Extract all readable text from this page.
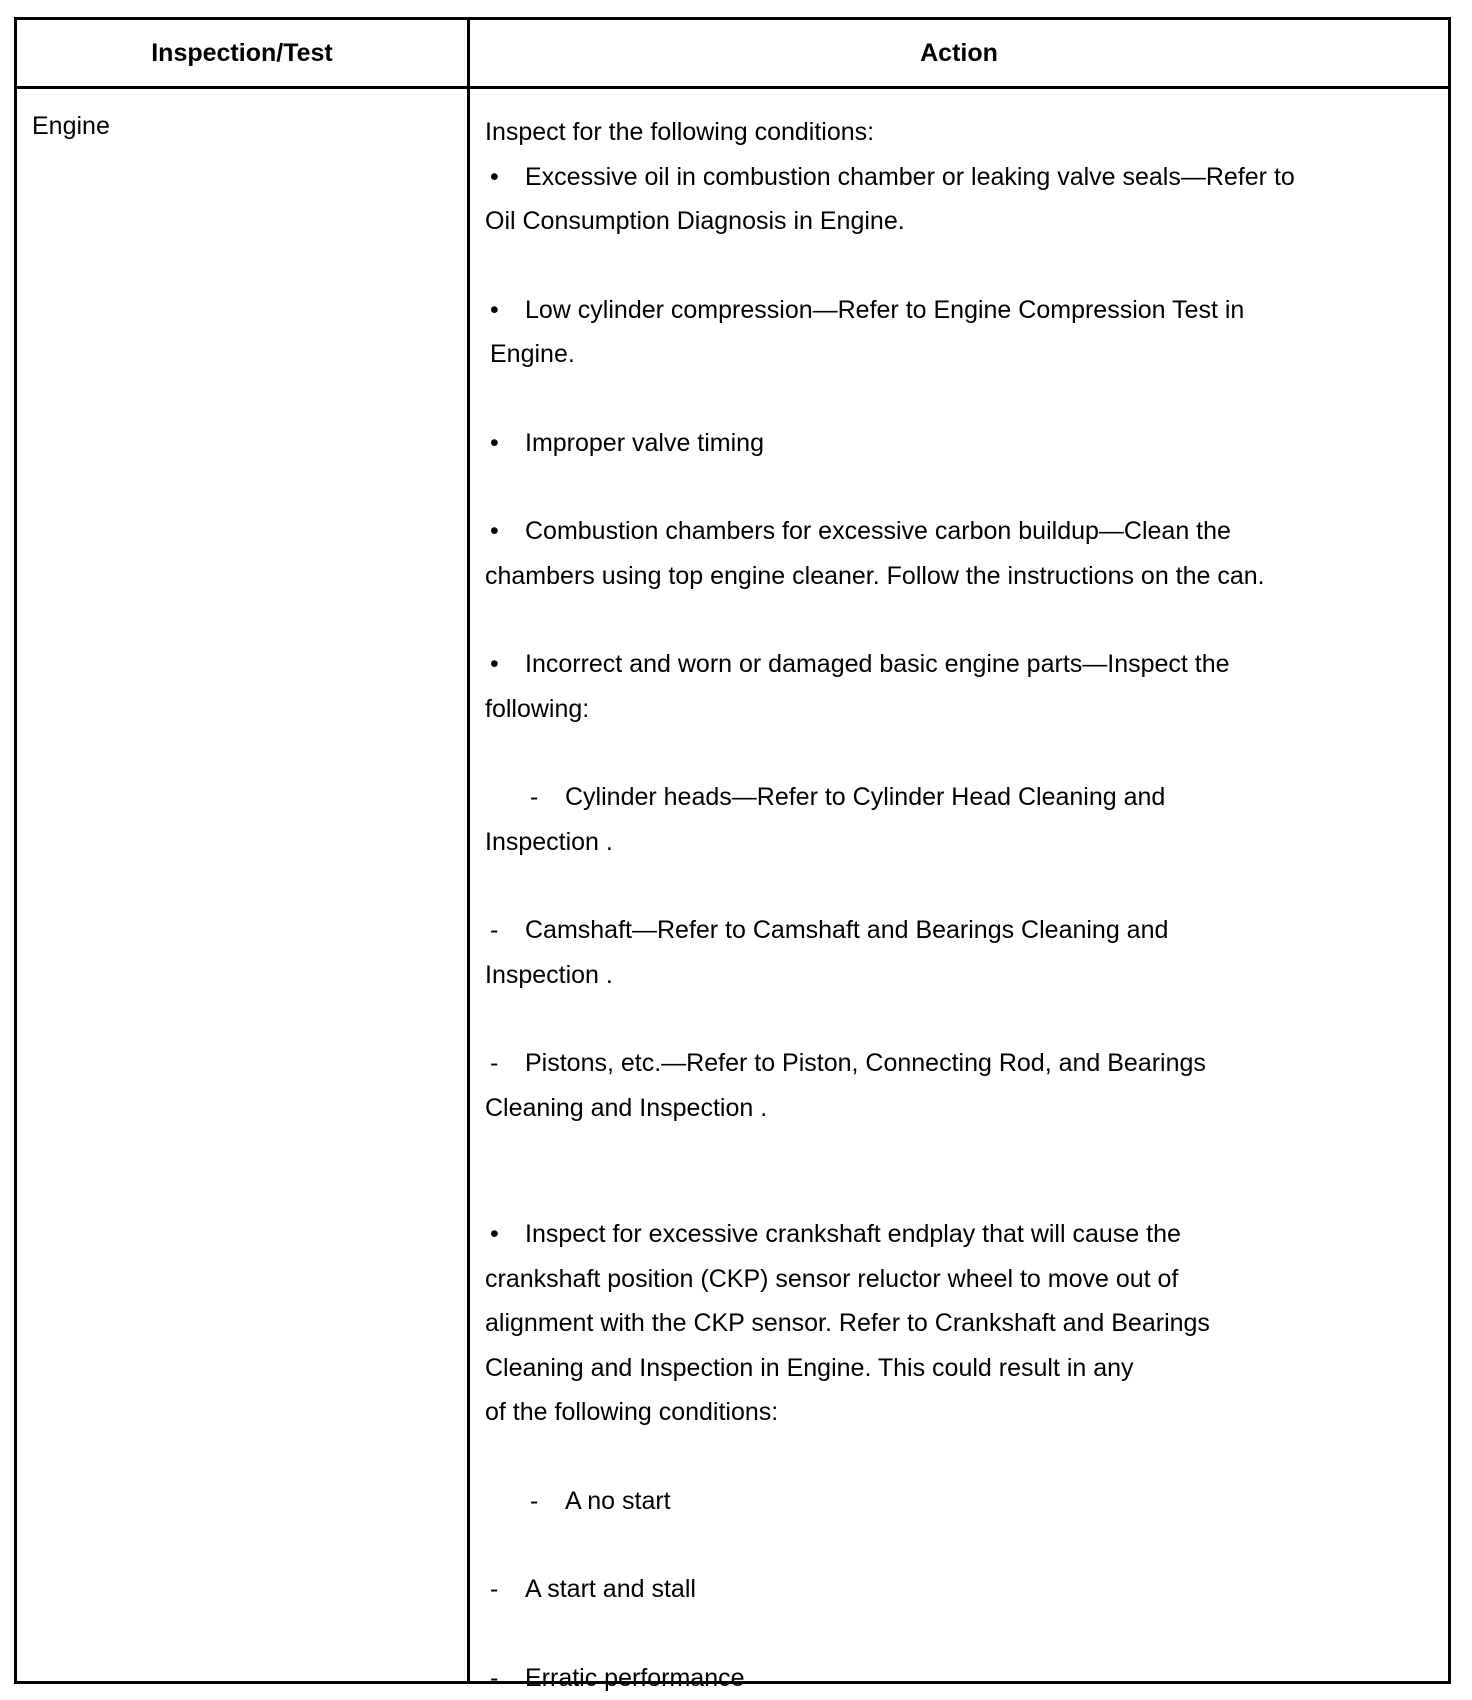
Inspection/Test	Action
Engine	Inspect for the following conditions:
• Excessive oil in combustion chamber or leaking valve seals—Refer to
Oil Consumption Diagnosis in Engine.
• Low cylinder compression—Refer to Engine Compression Test in
Engine.
• Improper valve timing
• Combustion chambers for excessive carbon buildup—Clean the
chambers using top engine cleaner. Follow the instructions on the can.
• Incorrect and worn or damaged basic engine parts—Inspect the
following:
- Cylinder heads—Refer to Cylinder Head Cleaning and
Inspection .
- Camshaft—Refer to Camshaft and Bearings Cleaning and
Inspection .
- Pistons, etc.—Refer to Piston, Connecting Rod, and Bearings
Cleaning and Inspection .
• Inspect for excessive crankshaft endplay that will cause the
crankshaft position (CKP) sensor reluctor wheel to move out of
alignment with the CKP sensor. Refer to Crankshaft and Bearings
Cleaning and Inspection in Engine. This could result in any
of the following conditions:
- A no start
- A start and stall
- Erratic performance
